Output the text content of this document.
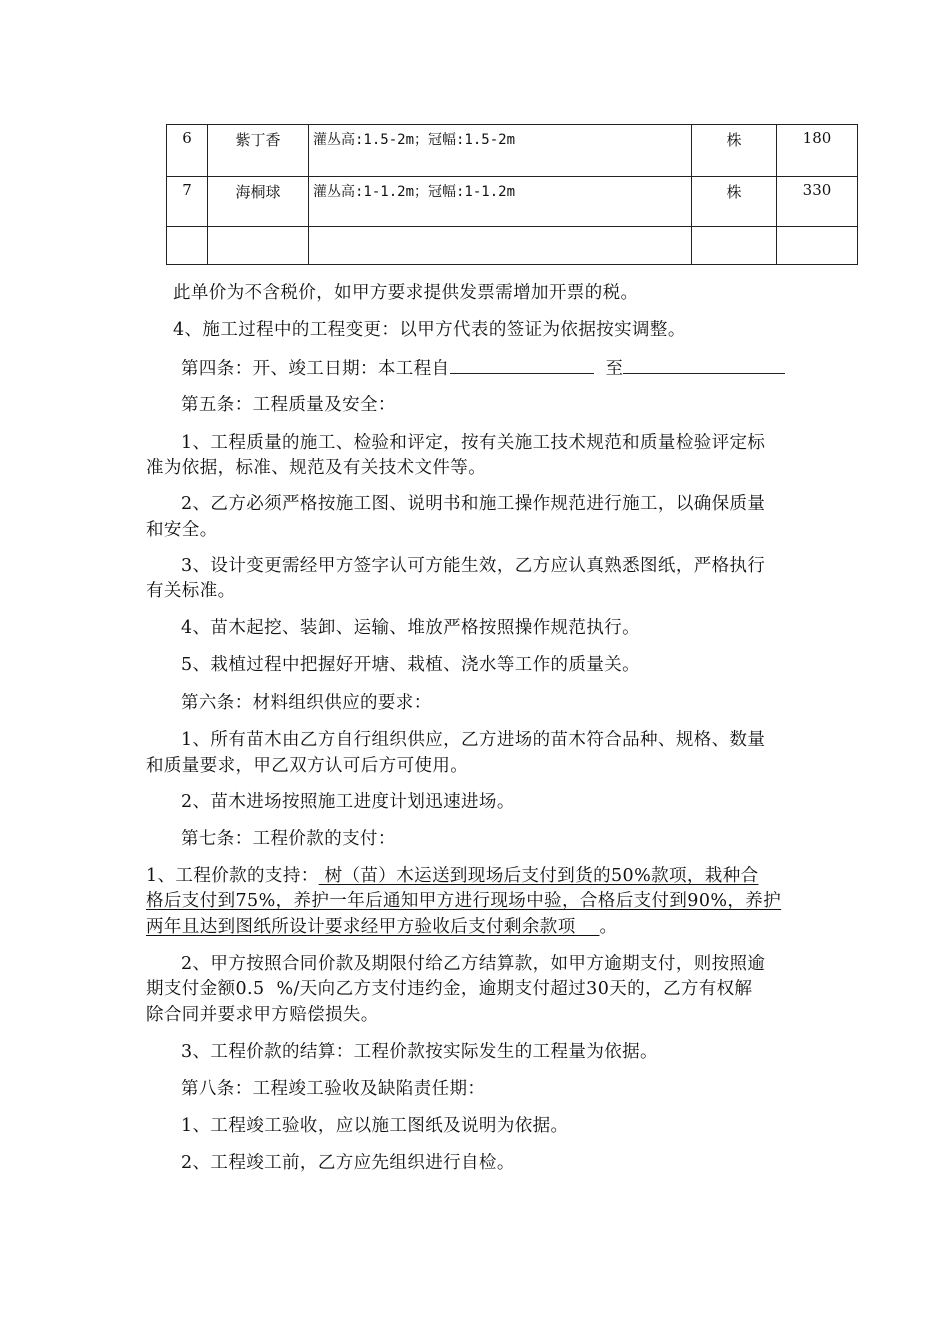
6	紫丁香	灌丛高:1.5-2m；冠幅:1.5-2m	株	180
7	海桐球	灌丛高:1-1.2m；冠幅:1-1.2m	株	330

此单价为不含税价，如甲方要求提供发票需增加开票的税。
4、施工过程中的工程变更：以甲方代表的签证为依据按实调整。
第四条：开、竣工日期：本工程自	至
第五条：工程质量及安全：
1、工程质量的施工、检验和评定，按有关施工技术规范和质量检验评定标
准为依据，标准、规范及有关技术文件等。
2、乙方必须严格按施工图、说明书和施工操作规范进行施工，以确保质量
和安全。
3、设计变更需经甲方签字认可方能生效，乙方应认真熟悉图纸，严格执行
有关标准。
4、苗木起挖、装卸、运输、堆放严格按照操作规范执行。
5、栽植过程中把握好开塘、栽植、浇水等工作的质量关。
第六条：材料组织供应的要求：
1、所有苗木由乙方自行组织供应，乙方进场的苗木符合品种、规格、数量
和质量要求，甲乙双方认可后方可使用。
2、苗木进场按照施工进度计划迅速进场。
第七条：工程价款的支付：
1、工程价款的支持： 树（苗）木运送到现场后支付到货的50%款项，栽种合
格后支付到75%，养护一年后通知甲方进行现场中验，合格后支付到90%，养护
两年且达到图纸所设计要求经甲方验收后支付剩余款项    。
2、甲方按照合同价款及期限付给乙方结算款，如甲方逾期支付，则按照逾
期支付金额0.5  %/天向乙方支付违约金，逾期支付超过30天的，乙方有权解
除合同并要求甲方赔偿损失。
3、工程价款的结算：工程价款按实际发生的工程量为依据。
第八条：工程竣工验收及缺陷责任期：
1、工程竣工验收，应以施工图纸及说明为依据。
2、工程竣工前，乙方应先组织进行自检。
